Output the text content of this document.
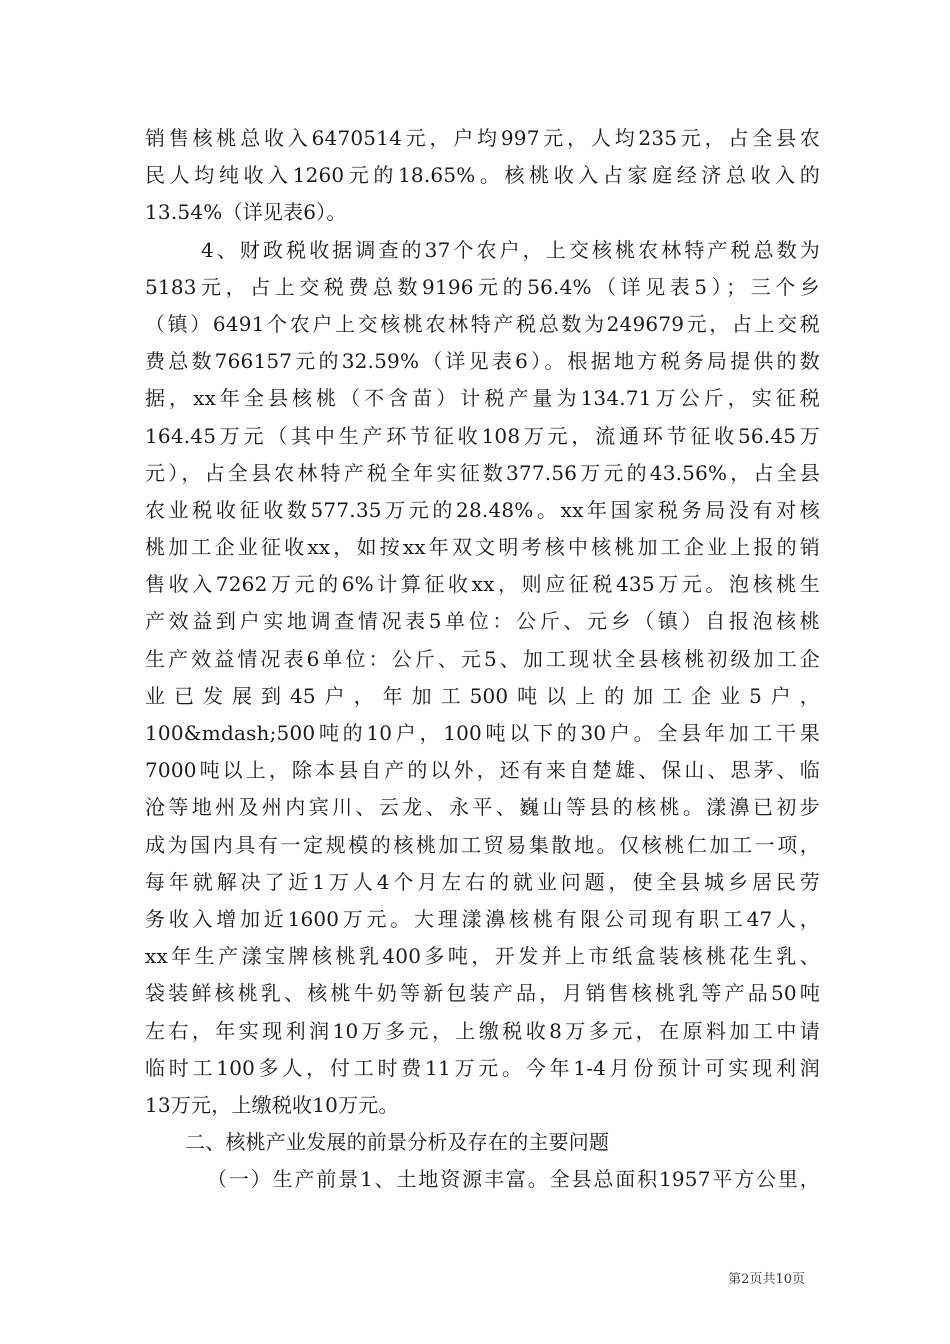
销售核桃总收入6470514元，户均997元，人均235元，占全县农
民人均纯收入1260元的18.65%。核桃收入占家庭经济总收入的
13.54%（详见表6）。
4、财政税收据调查的37个农户，上交核桃农林特产税总数为
5183元，占上交税费总数9196元的56.4%（详见表5）；三个乡
（镇）6491个农户上交核桃农林特产税总数为249679元，占上交税
费总数766157元的32.59%（详见表6）。根据地方税务局提供的数
据，xx年全县核桃（不含苗）计税产量为134.71万公斤，实征税
164.45万元（其中生产环节征收108万元，流通环节征收56.45万
元），占全县农林特产税全年实征数377.56万元的43.56%，占全县
农业税收征收数577.35万元的28.48%。xx年国家税务局没有对核
桃加工企业征收xx，如按xx年双文明考核中核桃加工企业上报的销
售收入7262万元的6%计算征收xx，则应征税435万元。泡核桃生
产效益到户实地调查情况表5单位：公斤、元乡（镇）自报泡核桃
生产效益情况表6单位：公斤、元5、加工现状全县核桃初级加工企
业已发展到45户，年加工500吨以上的加工企业5户，
100&mdash;500吨的10户，100吨以下的30户。全县年加工干果
7000吨以上，除本县自产的以外，还有来自楚雄、保山、思茅、临
沧等地州及州内宾川、云龙、永平、巍山等县的核桃。漾濞已初步
成为国内具有一定规模的核桃加工贸易集散地。仅核桃仁加工一项，
每年就解决了近1万人4个月左右的就业问题，使全县城乡居民劳
务收入增加近1600万元。大理漾濞核桃有限公司现有职工47人，
xx年生产漾宝牌核桃乳400多吨，开发并上市纸盒装核桃花生乳、
袋装鲜核桃乳、核桃牛奶等新包装产品，月销售核桃乳等产品50吨
左右，年实现利润10万多元，上缴税收8万多元，在原料加工中请
临时工100多人，付工时费11万元。今年1-4月份预计可实现利润
13万元，上缴税收10万元。
二、核桃产业发展的前景分析及存在的主要问题
（一）生产前景1、土地资源丰富。全县总面积1957平方公里，
第2页共10页
